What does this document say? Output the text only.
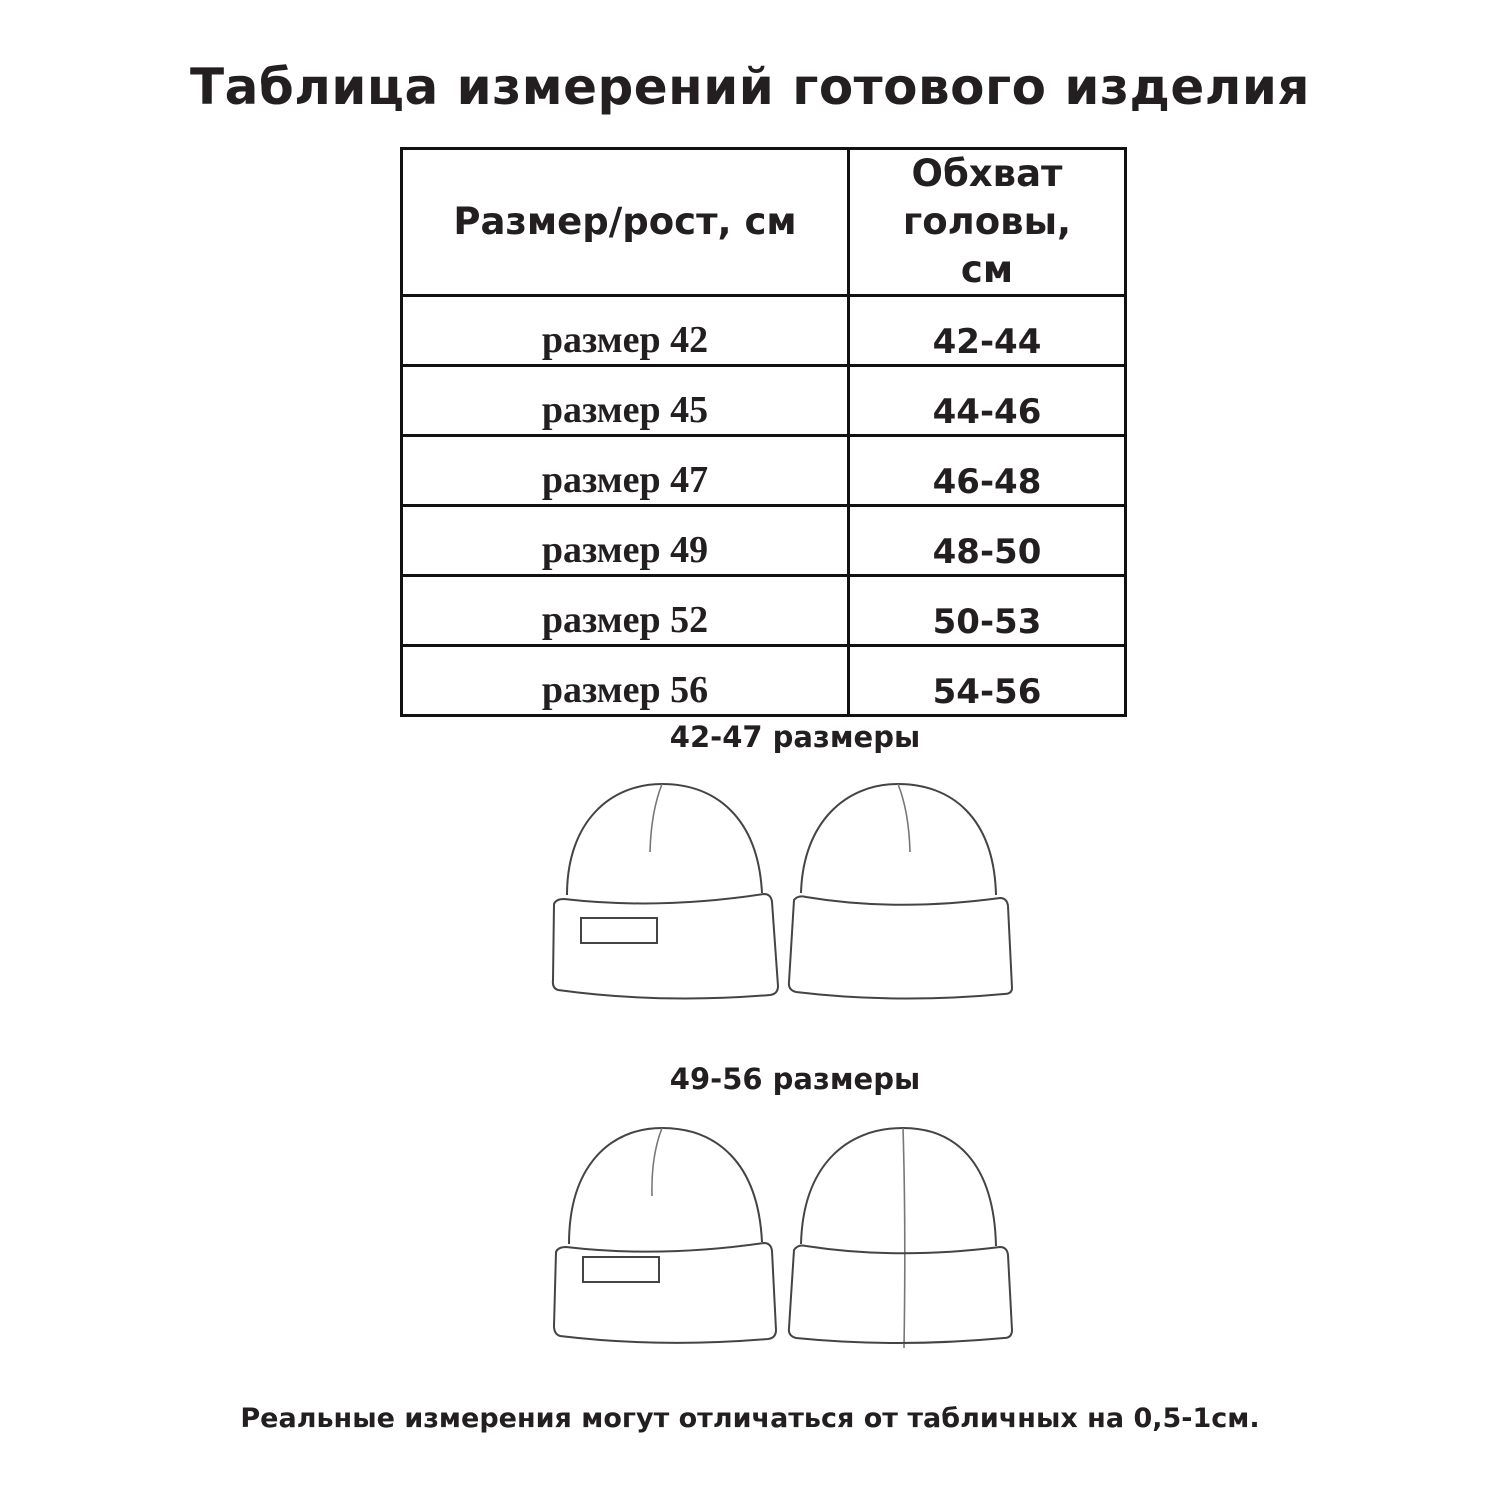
Таблица измерений готового изделия
Размер/рост, см	Обхват головы, см

размер 42	42-44
размер 45	44-46
размер 47	46-48
размер 49	48-50
размер 52	50-53
размер 56	54-56
42-47 размеры
49-56 размеры
Реальные измерения могут отличаться от табличных на 0,5-1см.
